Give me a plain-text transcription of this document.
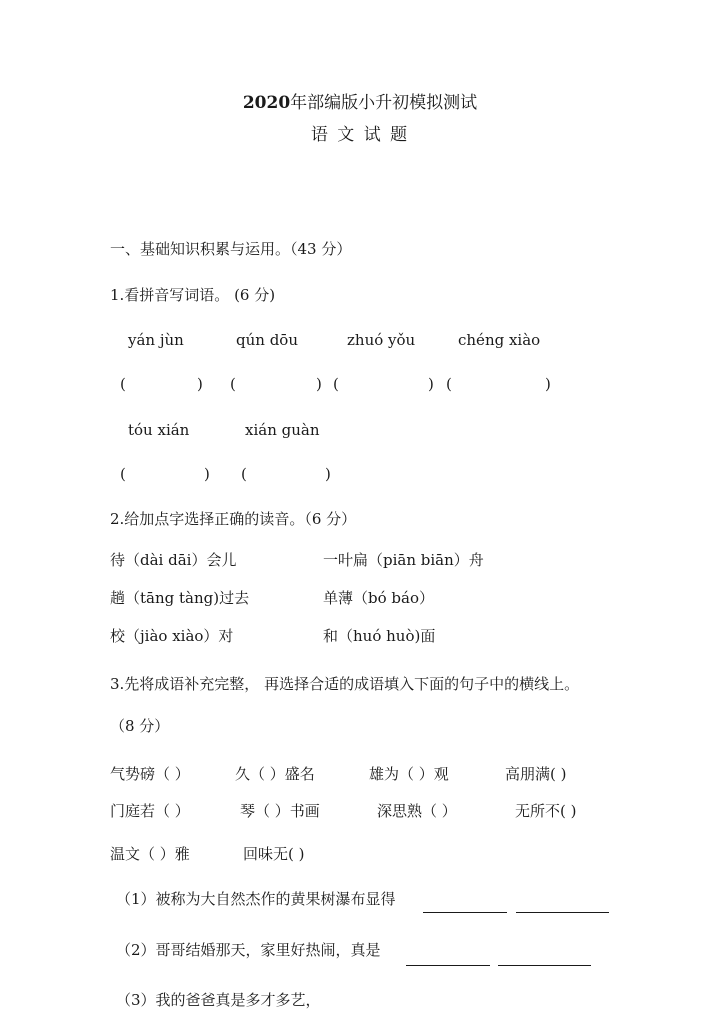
2020年部编版小升初模拟测试
语 文 试 题
一、基础知识积累与运用。（43 分）
1.看拼音写词语。 (6 分)
yán jùn	qún dōu	zhuó yǒu	chéng xiào
(	) (	) (	) (	)
tóu xián	xián guàn
(	) (	)
2.给加点字选择正确的读音。（6 分）
待（dài dāi）会儿	一叶扁（piān biān）舟
趟（tāng tàng)过去	单薄（bó báo）
校（jiào xiào）对	和（huó huò)面
3.先将成语补充完整， 再选择合适的成语填入下面的句子中的横线上。
（8 分）
气势磅（ ）	久（ ）盛名	雄为（ ）观	高朋满( )
门庭若（ ）	琴（ ）书画	深思熟（ ）	无所不( )
温文（ ）雅	回味无( )
（1）被称为大自然杰作的黄果树瀑布显得
（2）哥哥结婚那天，家里好热闹，真是
（3）我的爸爸真是多才多艺，
